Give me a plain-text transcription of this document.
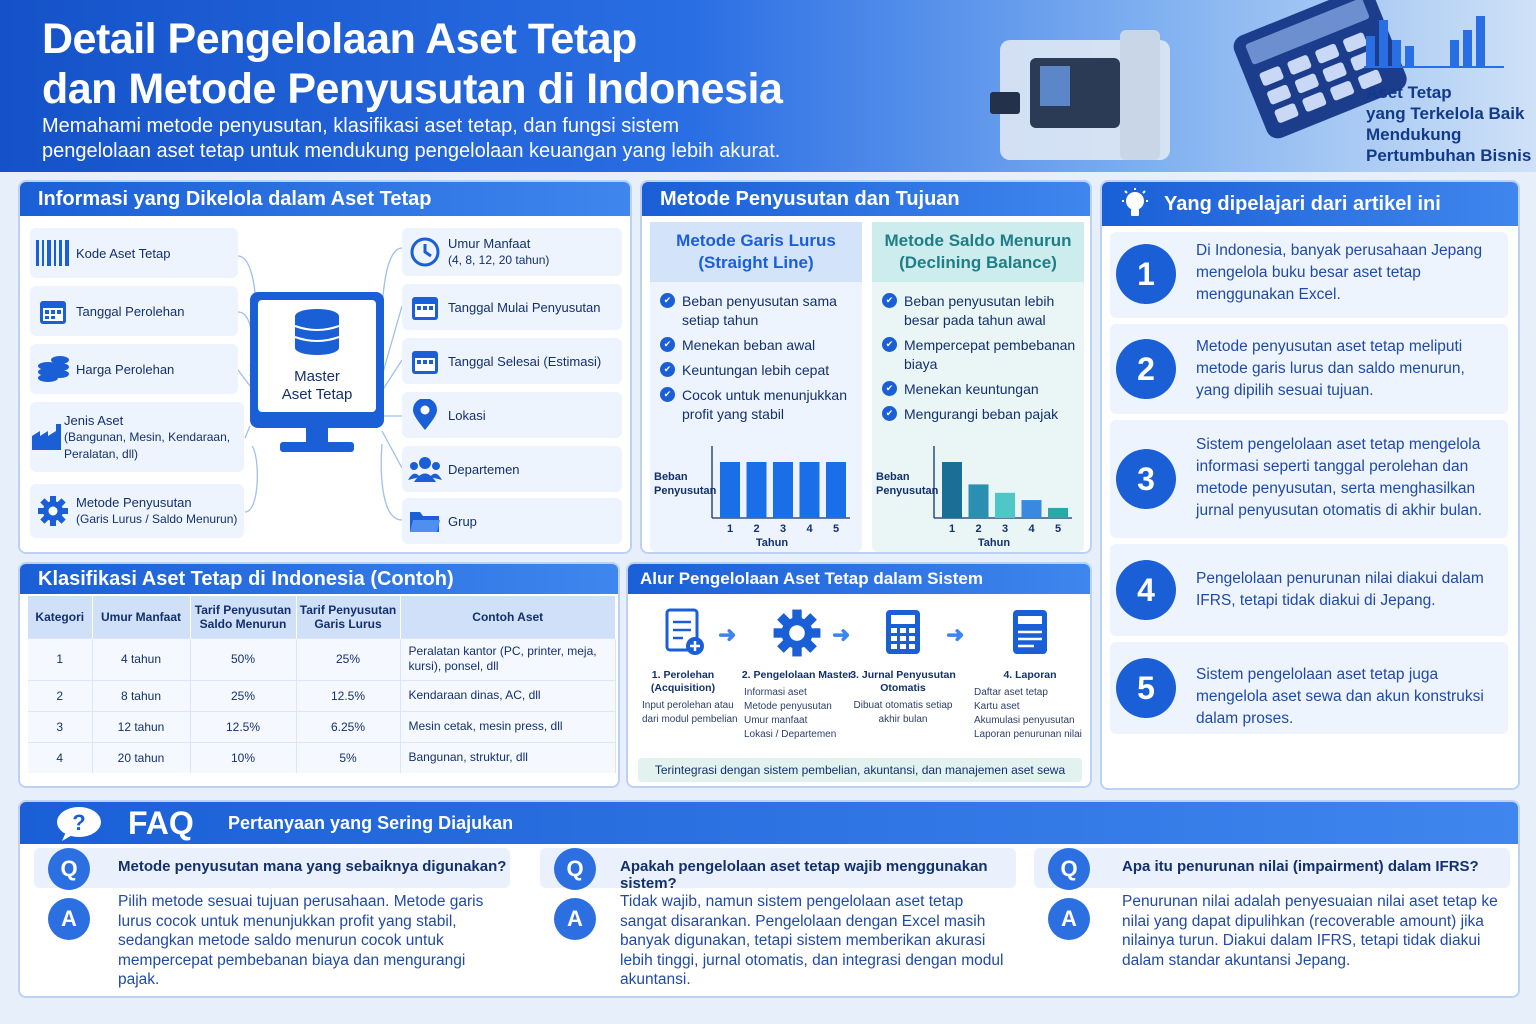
Detail Pengelolaan Aset Tetap
dan Metode Penyusutan di Indonesia
Memahami metode penyusutan, klasifikasi aset tetap, dan fungsi sistem
pengelolaan aset tetap untuk mendukung pengelolaan keuangan yang lebih akurat.
Aset Tetap
yang Terkelola Baik
Mendukung
Pertumbuhan Bisnis
Informasi yang Dikelola dalam Aset Tetap
Kode Aset Tetap
Tanggal Perolehan
Harga Perolehan
Jenis Aset
(Bangunan, Mesin, Kendaraan, Peralatan, dll)
Metode Penyusutan
(Garis Lurus / Saldo Menurun)
Master
Aset Tetap
Umur Manfaat
(4, 8, 12, 20 tahun)
Tanggal Mulai Penyusutan
Tanggal Selesai (Estimasi)
Lokasi
Departemen
Grup
Metode Penyusutan dan Tujuan
Metode Garis Lurus
(Straight Line)
✔ Beban penyusutan sama setiap tahun
✔ Menekan beban awal
✔ Keuntungan lebih cepat
✔ Cocok untuk menunjukkan profit yang stabil
Beban
Penyusutan
1 2 3 4 5
Tahun
Metode Saldo Menurun
(Declining Balance)
✔ Beban penyusutan lebih besar pada tahun awal
✔ Mempercepat pembebanan biaya
✔ Menekan keuntungan
✔ Mengurangi beban pajak
Beban
Penyusutan
1 2 3 4 5
Tahun
Yang dipelajari dari artikel ini
1
Di Indonesia, banyak perusahaan Jepang mengelola buku besar aset tetap menggunakan Excel.
2
Metode penyusutan aset tetap meliputi metode garis lurus dan saldo menurun, yang dipilih sesuai tujuan.
3
Sistem pengelolaan aset tetap mengelola informasi seperti tanggal perolehan dan metode penyusutan, serta menghasilkan jurnal penyusutan otomatis di akhir bulan.
4	Pengelolaan penurunan nilai diakui dalam IFRS, tetapi tidak diakui di Jepang.
5	Sistem pengelolaan aset tetap juga mengelola aset sewa dan akun konstruksi dalam proses.
Klasifikasi Aset Tetap di Indonesia (Contoh)
Kategori	Umur Manfaat	Tarif Penyusutan Saldo Menurun	Tarif Penyusutan Garis Lurus	Contoh Aset
1	4 tahun	50%	25%	Peralatan kantor (PC, printer, meja, kursi), ponsel, dll
2	8 tahun	25%	12.5%	Kendaraan dinas, AC, dll
3	12 tahun	12.5%	6.25%	Mesin cetak, mesin press, dll
4	20 tahun	10%	5%	Bangunan, struktur, dll
Alur Pengelolaan Aset Tetap dalam Sistem
1. Perolehan (Acquisition)
Input perolehan atau dari modul pembelian
➜
2. Pengelolaan Master
Informasi aset
Metode penyusutan
Umur manfaat
Lokasi / Departemen
➜
3. Jurnal Penyusutan Otomatis
Dibuat otomatis setiap akhir bulan
➜
4. Laporan
Daftar aset tetap
Kartu aset
Akumulasi penyusutan
Laporan penurunan nilai
Terintegrasi dengan sistem pembelian, akuntansi, dan manajemen aset sewa
? FAQ Pertanyaan yang Sering Diajukan
Q	Metode penyusutan mana yang sebaiknya digunakan?
A
Pilih metode sesuai tujuan perusahaan. Metode garis lurus cocok untuk menunjukkan profit yang stabil, sedangkan metode saldo menurun cocok untuk mempercepat pembebanan biaya dan mengurangi pajak.
Q	Apakah pengelolaan aset tetap wajib menggunakan sistem?
A
Tidak wajib, namun sistem pengelolaan aset tetap sangat disarankan. Pengelolaan dengan Excel masih banyak digunakan, tetapi sistem memberikan akurasi lebih tinggi, jurnal otomatis, dan integrasi dengan modul akuntansi.
Q	Apa itu penurunan nilai (impairment) dalam IFRS?
A
Penurunan nilai adalah penyesuaian nilai aset tetap ke nilai yang dapat dipulihkan (recoverable amount) jika nilainya turun. Diakui dalam IFRS, tetapi tidak diakui dalam standar akuntansi Jepang.
